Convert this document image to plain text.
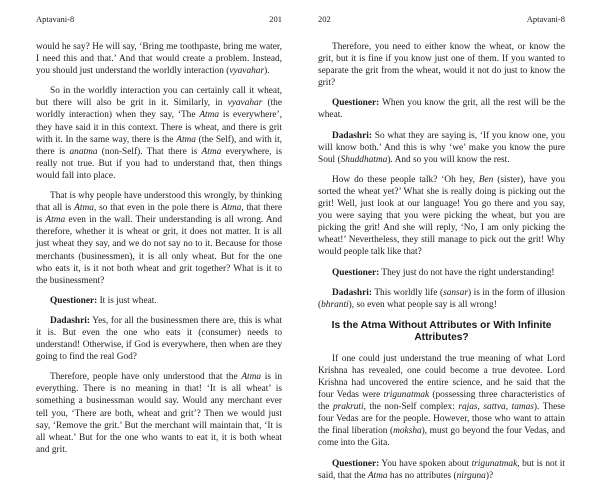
Aptavani-8	201

would he say? He will say, ‘Bring me toothpaste, bring me water, I need this and that.’ And that would create a problem. Instead, you should just understand the worldly interaction (vyavahar).

So in the worldly interaction you can certainly call it wheat, but there will also be grit in it. Similarly, in vyavahar (the worldly interaction) when they say, ‘The Atma is everywhere’, they have said it in this context. There is wheat, and there is grit with it. In the same way, there is the Atma (the Self), and with it, there is anatma (non-Self). That there is Atma everywhere, is really not true. But if you had to understand that, then things would fall into place.

That is why people have understood this wrongly, by thinking that all is Atma, so that even in the pole there is Atma, that there is Atma even in the wall. Their understanding is all wrong. And therefore, whether it is wheat or grit, it does not matter. It is all just wheat they say, and we do not say no to it. Because for those merchants (businessmen), it is all only wheat. But for the one who eats it, is it not both wheat and grit together? What is it to the businessment?

Questioner: It is just wheat.

Dadashri: Yes, for all the businessmen there are, this is what it is. But even the one who eats it (consumer) needs to understand! Otherwise, if God is everywhere, then when are they going to find the real God?

Therefore, people have only understood that the Atma is in everything. There is no meaning in that! ‘It is all wheat’ is something a businessman would say. Would any merchant ever tell you, ‘There are both, wheat and grit’? Then we would just say, ‘Remove the grit.’ But the merchant will maintain that, ‘It is all wheat.’ But for the one who wants to eat it, it is both wheat and grit.

202	Aptavani-8

Therefore, you need to either know the wheat, or know the grit, but it is fine if you know just one of them. If you wanted to separate the grit from the wheat, would it not do just to know the grit?

Questioner: When you know the grit, all the rest will be the wheat.

Dadashri: So what they are saying is, ‘If you know one, you will know both.’ And this is why ‘we’ make you know the pure Soul (Shuddhatma). And so you will know the rest.

How do these people talk? ‘Oh hey, Ben (sister), have you sorted the wheat yet?’ What she is really doing is picking out the grit! Well, just look at our language! You go there and you say, you were saying that you were picking the wheat, but you are picking the grit! And she will reply, ‘No, I am only picking the wheat!’ Nevertheless, they still manage to pick out the grit! Why would people talk like that?

Questioner: They just do not have the right understanding!

Dadashri: This worldly life (sansar) is in the form of illusion (bhranti), so even what people say is all wrong!

Is the Atma Without Attributes or With Infinite Attributes?

If one could just understand the true meaning of what Lord Krishna has revealed, one could become a true devotee. Lord Krishna had uncovered the entire science, and he said that the four Vedas were trigunatmak (possessing three characteristics of the prakruti, the non-Self complex: rajas, sattva, tamas). These four Vedas are for the people. However, those who want to attain the final liberation (moksha), must go beyond the four Vedas, and come into the Gita.

Questioner: You have spoken about trigunatmak, but is not it said, that the Atma has no attributes (nirguna)?
